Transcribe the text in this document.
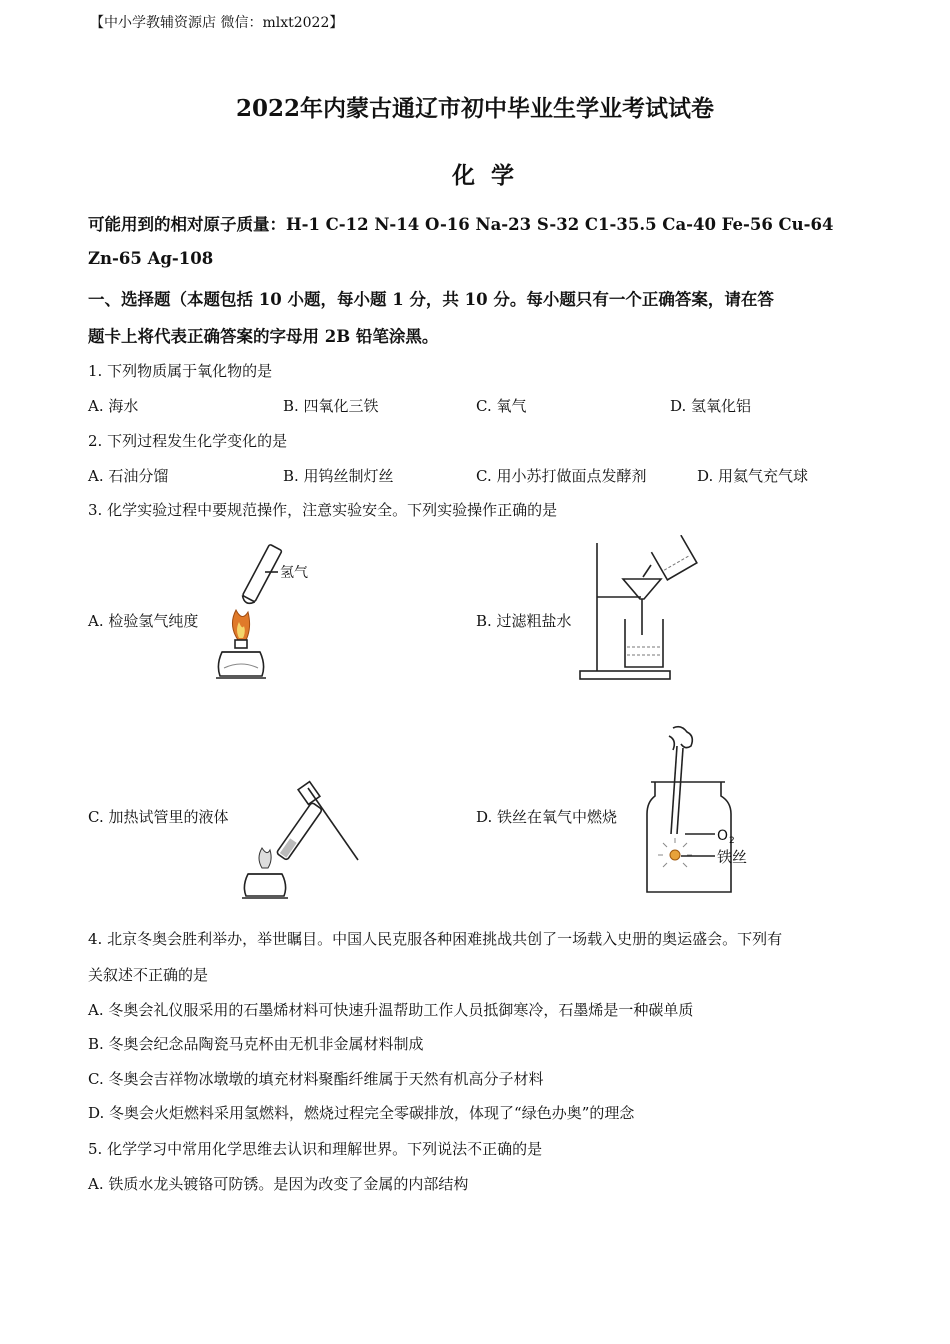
【中小学教辅资源店 微信：mlxt2022】
2022年内蒙古通辽市初中毕业生学业考试试卷
化学
可能用到的相对原子质量：H-1 C-12 N-14 O-16 Na-23 S-32 C1-35.5 Ca-40 Fe-56 Cu-64
Zn-65 Ag-108
一、选择题（本题包括 10 小题，每小题 1 分，共 10 分。每小题只有一个正确答案，请在答
题卡上将代表正确答案的字母用 2B 铅笔涂黑。
1. 下列物质属于氧化物的是
A. 海水	B. 四氧化三铁	C. 氧气	D. 氢氧化铝
2. 下列过程发生化学变化的是
A. 石油分馏	B. 用钨丝制灯丝	C. 用小苏打做面点发酵剂	D. 用氦气充气球
3. 化学实验过程中要规范操作，注意实验安全。下列实验操作正确的是
A. 检验氢气纯度	B. 过滤粗盐水
C. 加热试管里的液体	D. 铁丝在氧气中燃烧
氢气
O 2
铁丝
4. 北京冬奥会胜利举办，举世瞩目。中国人民克服各种困难挑战共创了一场载入史册的奥运盛会。下列有
关叙述不正确的是
A. 冬奥会礼仪服采用的石墨烯材料可快速升温帮助工作人员抵御寒冷，石墨烯是一种碳单质
B. 冬奥会纪念品陶瓷马克杯由无机非金属材料制成
C. 冬奥会吉祥物冰墩墩的填充材料聚酯纤维属于天然有机高分子材料
D. 冬奥会火炬燃料采用氢燃料，燃烧过程完全零碳排放，体现了“绿色办奥”的理念
5. 化学学习中常用化学思维去认识和理解世界。下列说法不正确的是
A. 铁质水龙头镀铬可防锈。是因为改变了金属的内部结构
